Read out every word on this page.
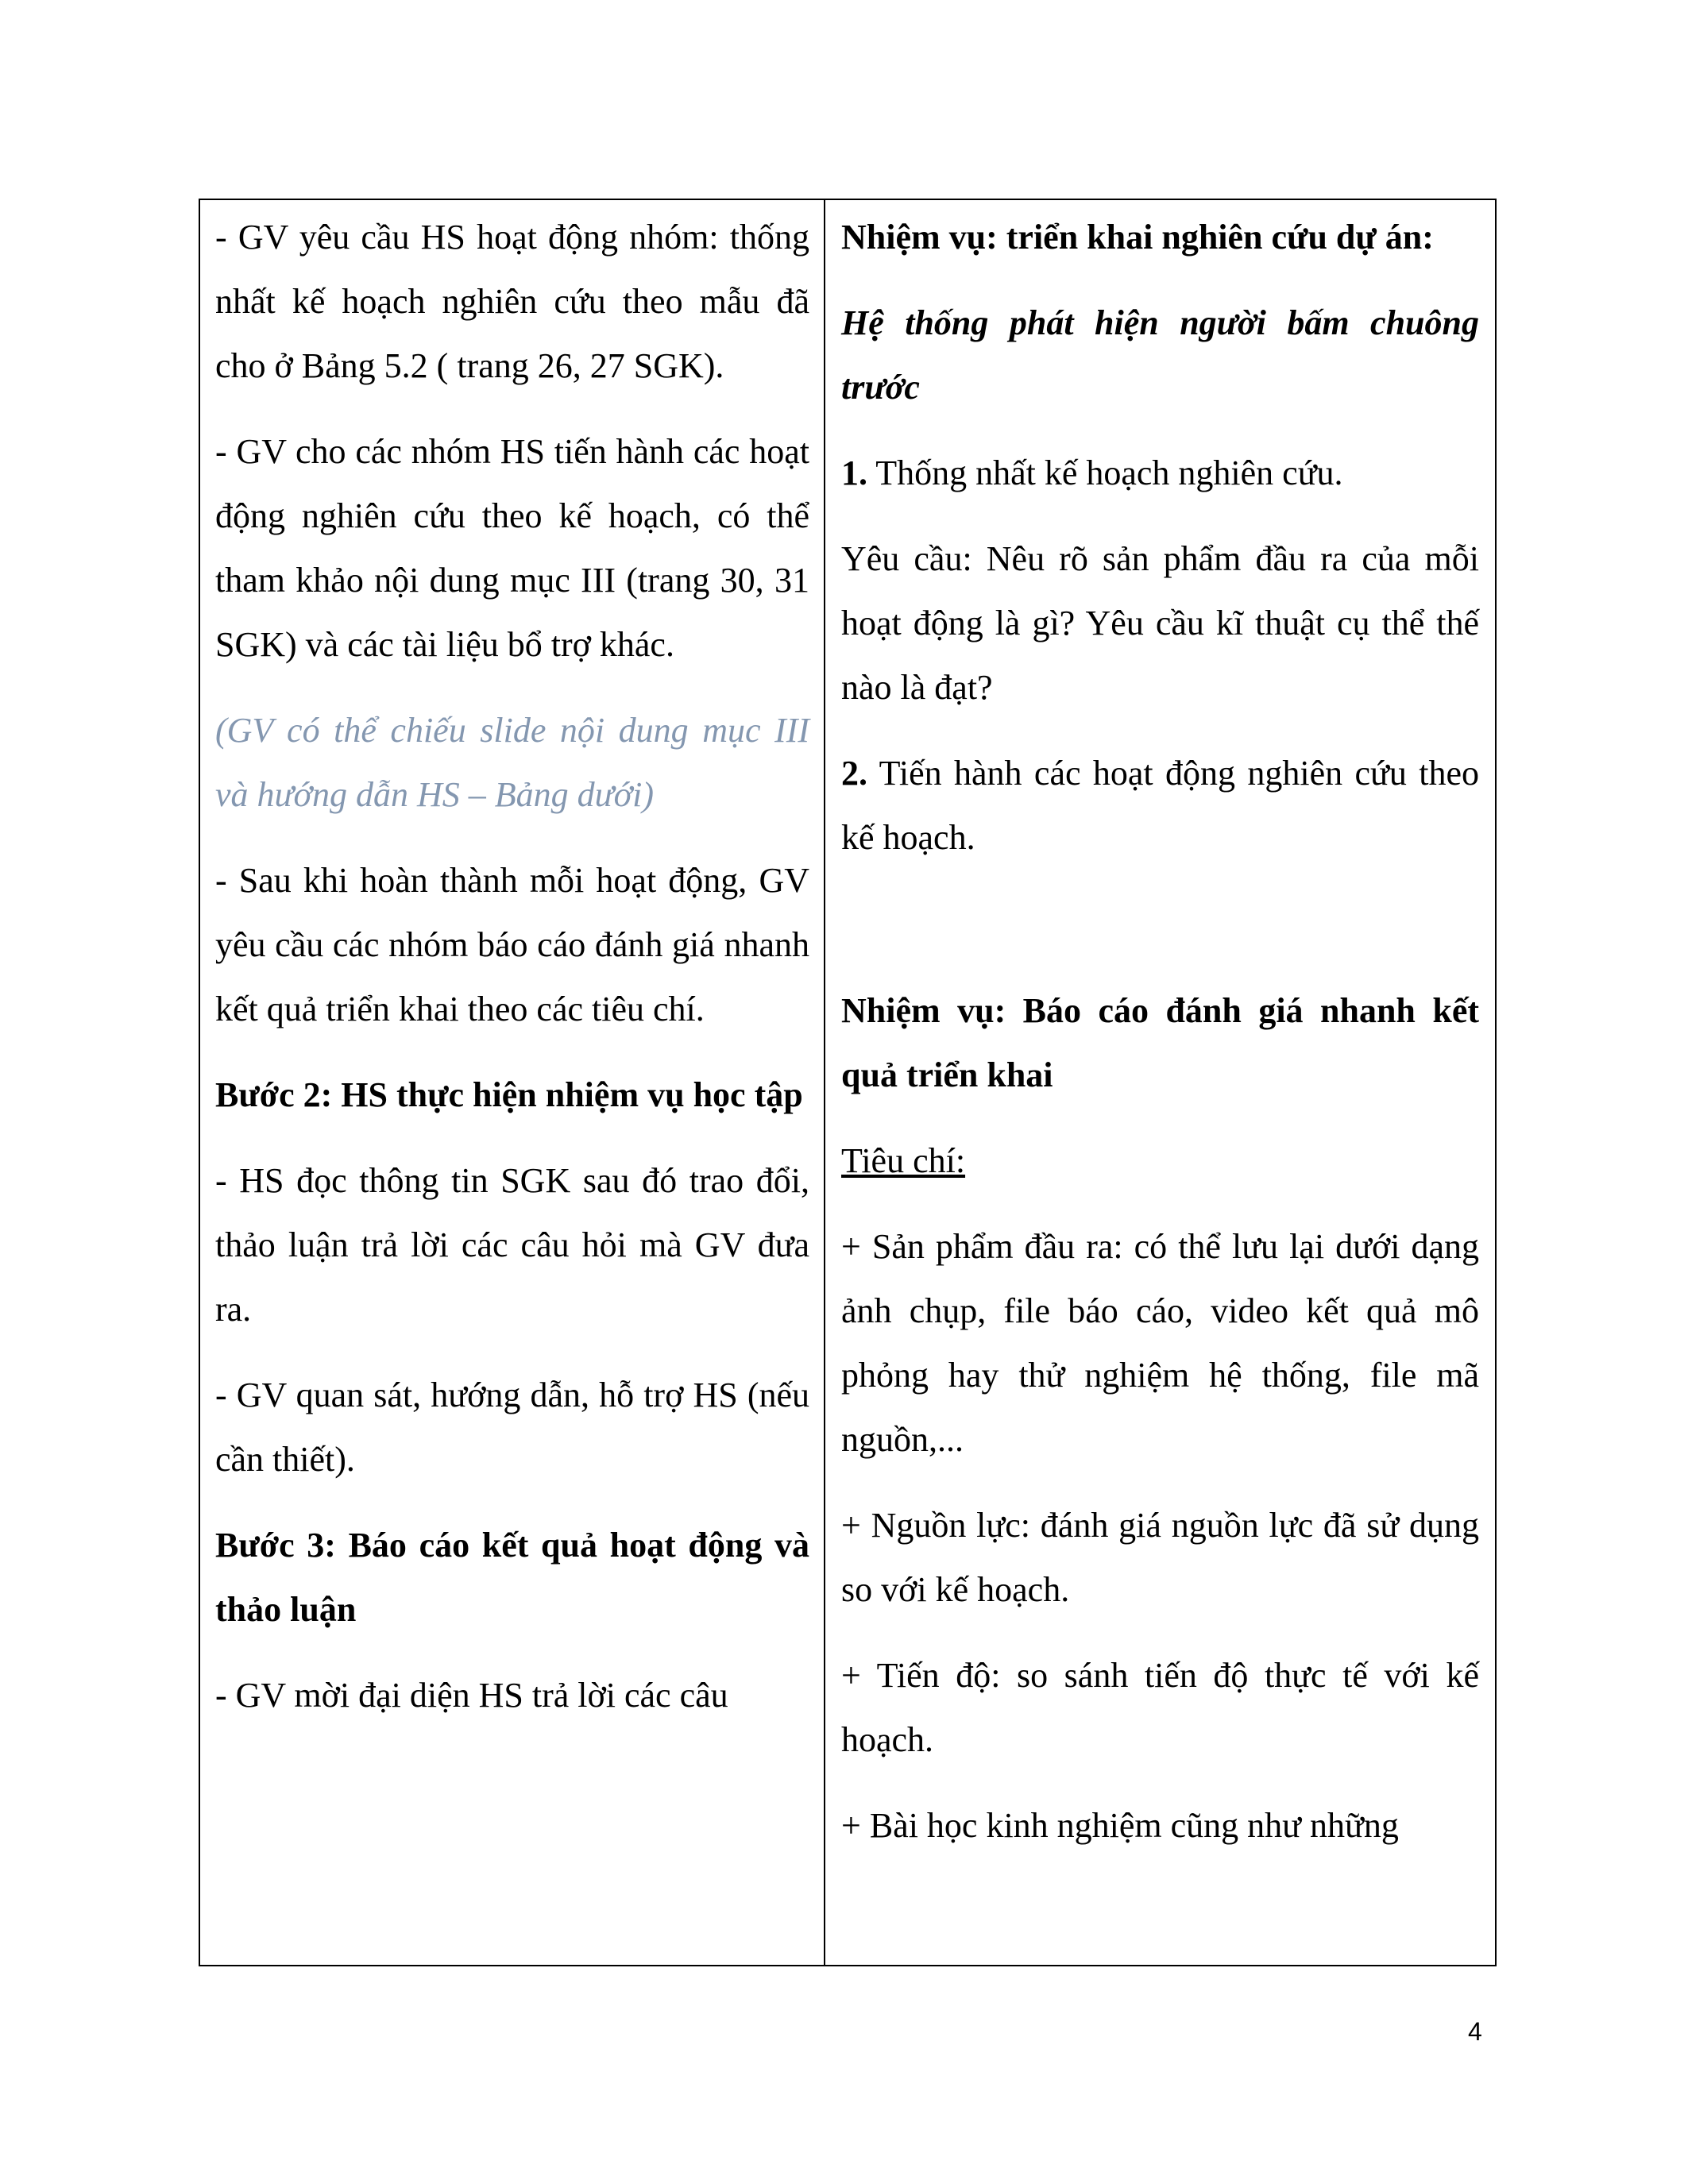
- GV yêu cầu HS hoạt động nhóm: thống nhất kế hoạch nghiên cứu theo mẫu đã cho ở Bảng 5.2 ( trang 26, 27 SGK).

- GV cho các nhóm HS tiến hành các hoạt động nghiên cứu theo kế hoạch, có thể tham khảo nội dung mục III (trang 30, 31 SGK) và các tài liệu bổ trợ khác.

(GV có thể chiếu slide nội dung mục III và hướng dẫn HS – Bảng dưới)

- Sau khi hoàn thành mỗi hoạt động, GV yêu cầu các nhóm báo cáo đánh giá nhanh kết quả triển khai theo các tiêu chí.

Bước 2: HS thực hiện nhiệm vụ học tập

- HS đọc thông tin SGK sau đó trao đổi, thảo luận trả lời các câu hỏi mà GV đưa ra.

- GV quan sát, hướng dẫn, hỗ trợ HS (nếu cần thiết).

Bước 3: Báo cáo kết quả hoạt động và thảo luận

- GV mời đại diện HS trả lời các câu

Nhiệm vụ: triển khai nghiên cứu dự án:

Hệ thống phát hiện người bấm chuông trước

1. Thống nhất kế hoạch nghiên cứu.

Yêu cầu: Nêu rõ sản phẩm đầu ra của mỗi hoạt động là gì? Yêu cầu kĩ thuật cụ thể thế nào là đạt?

2. Tiến hành các hoạt động nghiên cứu theo kế hoạch.

Nhiệm vụ: Báo cáo đánh giá nhanh kết quả triển khai

Tiêu chí:

+ Sản phẩm đầu ra: có thể lưu lại dưới dạng ảnh chụp, file báo cáo, video kết quả mô phỏng hay thử nghiệm hệ thống, file mã nguồn,...

+ Nguồn lực: đánh giá nguồn lực đã sử dụng so với kế hoạch.

+ Tiến độ: so sánh tiến độ thực tế với kế hoạch.

+ Bài học kinh nghiệm cũng như những

4
